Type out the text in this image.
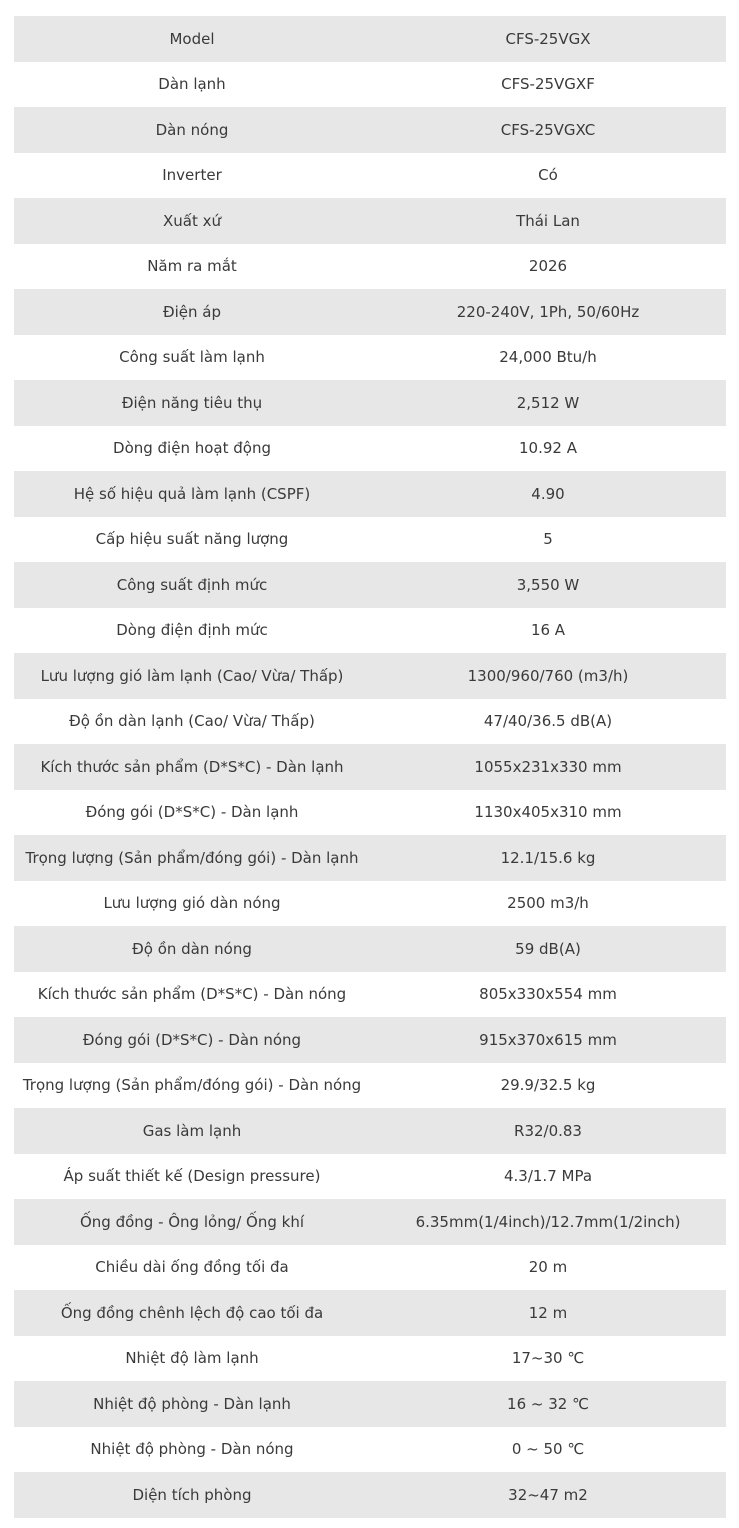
Model	CFS-25VGX
Dàn lạnh	CFS-25VGXF
Dàn nóng	CFS-25VGXC
Inverter	Có
Xuất xứ	Thái Lan
Năm ra mắt	2026
Điện áp	220-240V, 1Ph, 50/60Hz
Công suất làm lạnh	24,000 Btu/h
Điện năng tiêu thụ	2,512 W
Dòng điện hoạt động	10.92 A
Hệ số hiệu quả làm lạnh (CSPF)	4.90
Cấp hiệu suất năng lượng	5
Công suất định mức	3,550 W
Dòng điện định mức	16 A
Lưu lượng gió làm lạnh (Cao/ Vừa/ Thấp)	1300/960/760 (m3/h)
Độ ồn dàn lạnh (Cao/ Vừa/ Thấp)	47/40/36.5 dB(A)
Kích thước sản phẩm (D*S*C) - Dàn lạnh	1055x231x330 mm
Đóng gói (D*S*C) - Dàn lạnh	1130x405x310 mm
Trọng lượng (Sản phẩm/đóng gói) - Dàn lạnh	12.1/15.6 kg
Lưu lượng gió dàn nóng	2500 m3/h
Độ ồn dàn nóng	59 dB(A)
Kích thước sản phẩm (D*S*C) - Dàn nóng	805x330x554 mm
Đóng gói (D*S*C) - Dàn nóng	915x370x615 mm
Trọng lượng (Sản phẩm/đóng gói) - Dàn nóng	29.9/32.5 kg
Gas làm lạnh	R32/0.83
Áp suất thiết kế (Design pressure)	4.3/1.7 MPa
Ống đồng - Ông lỏng/ Ống khí	6.35mm(1/4inch)/12.7mm(1/2inch)
Chiều dài ống đồng tối đa	20 m
Ống đồng chênh lệch độ cao tối đa	12 m
Nhiệt độ làm lạnh	17~30 ℃
Nhiệt độ phòng - Dàn lạnh	16 ~ 32 ℃
Nhiệt độ phòng - Dàn nóng	0 ~ 50 ℃
Diện tích phòng	32~47 m2
